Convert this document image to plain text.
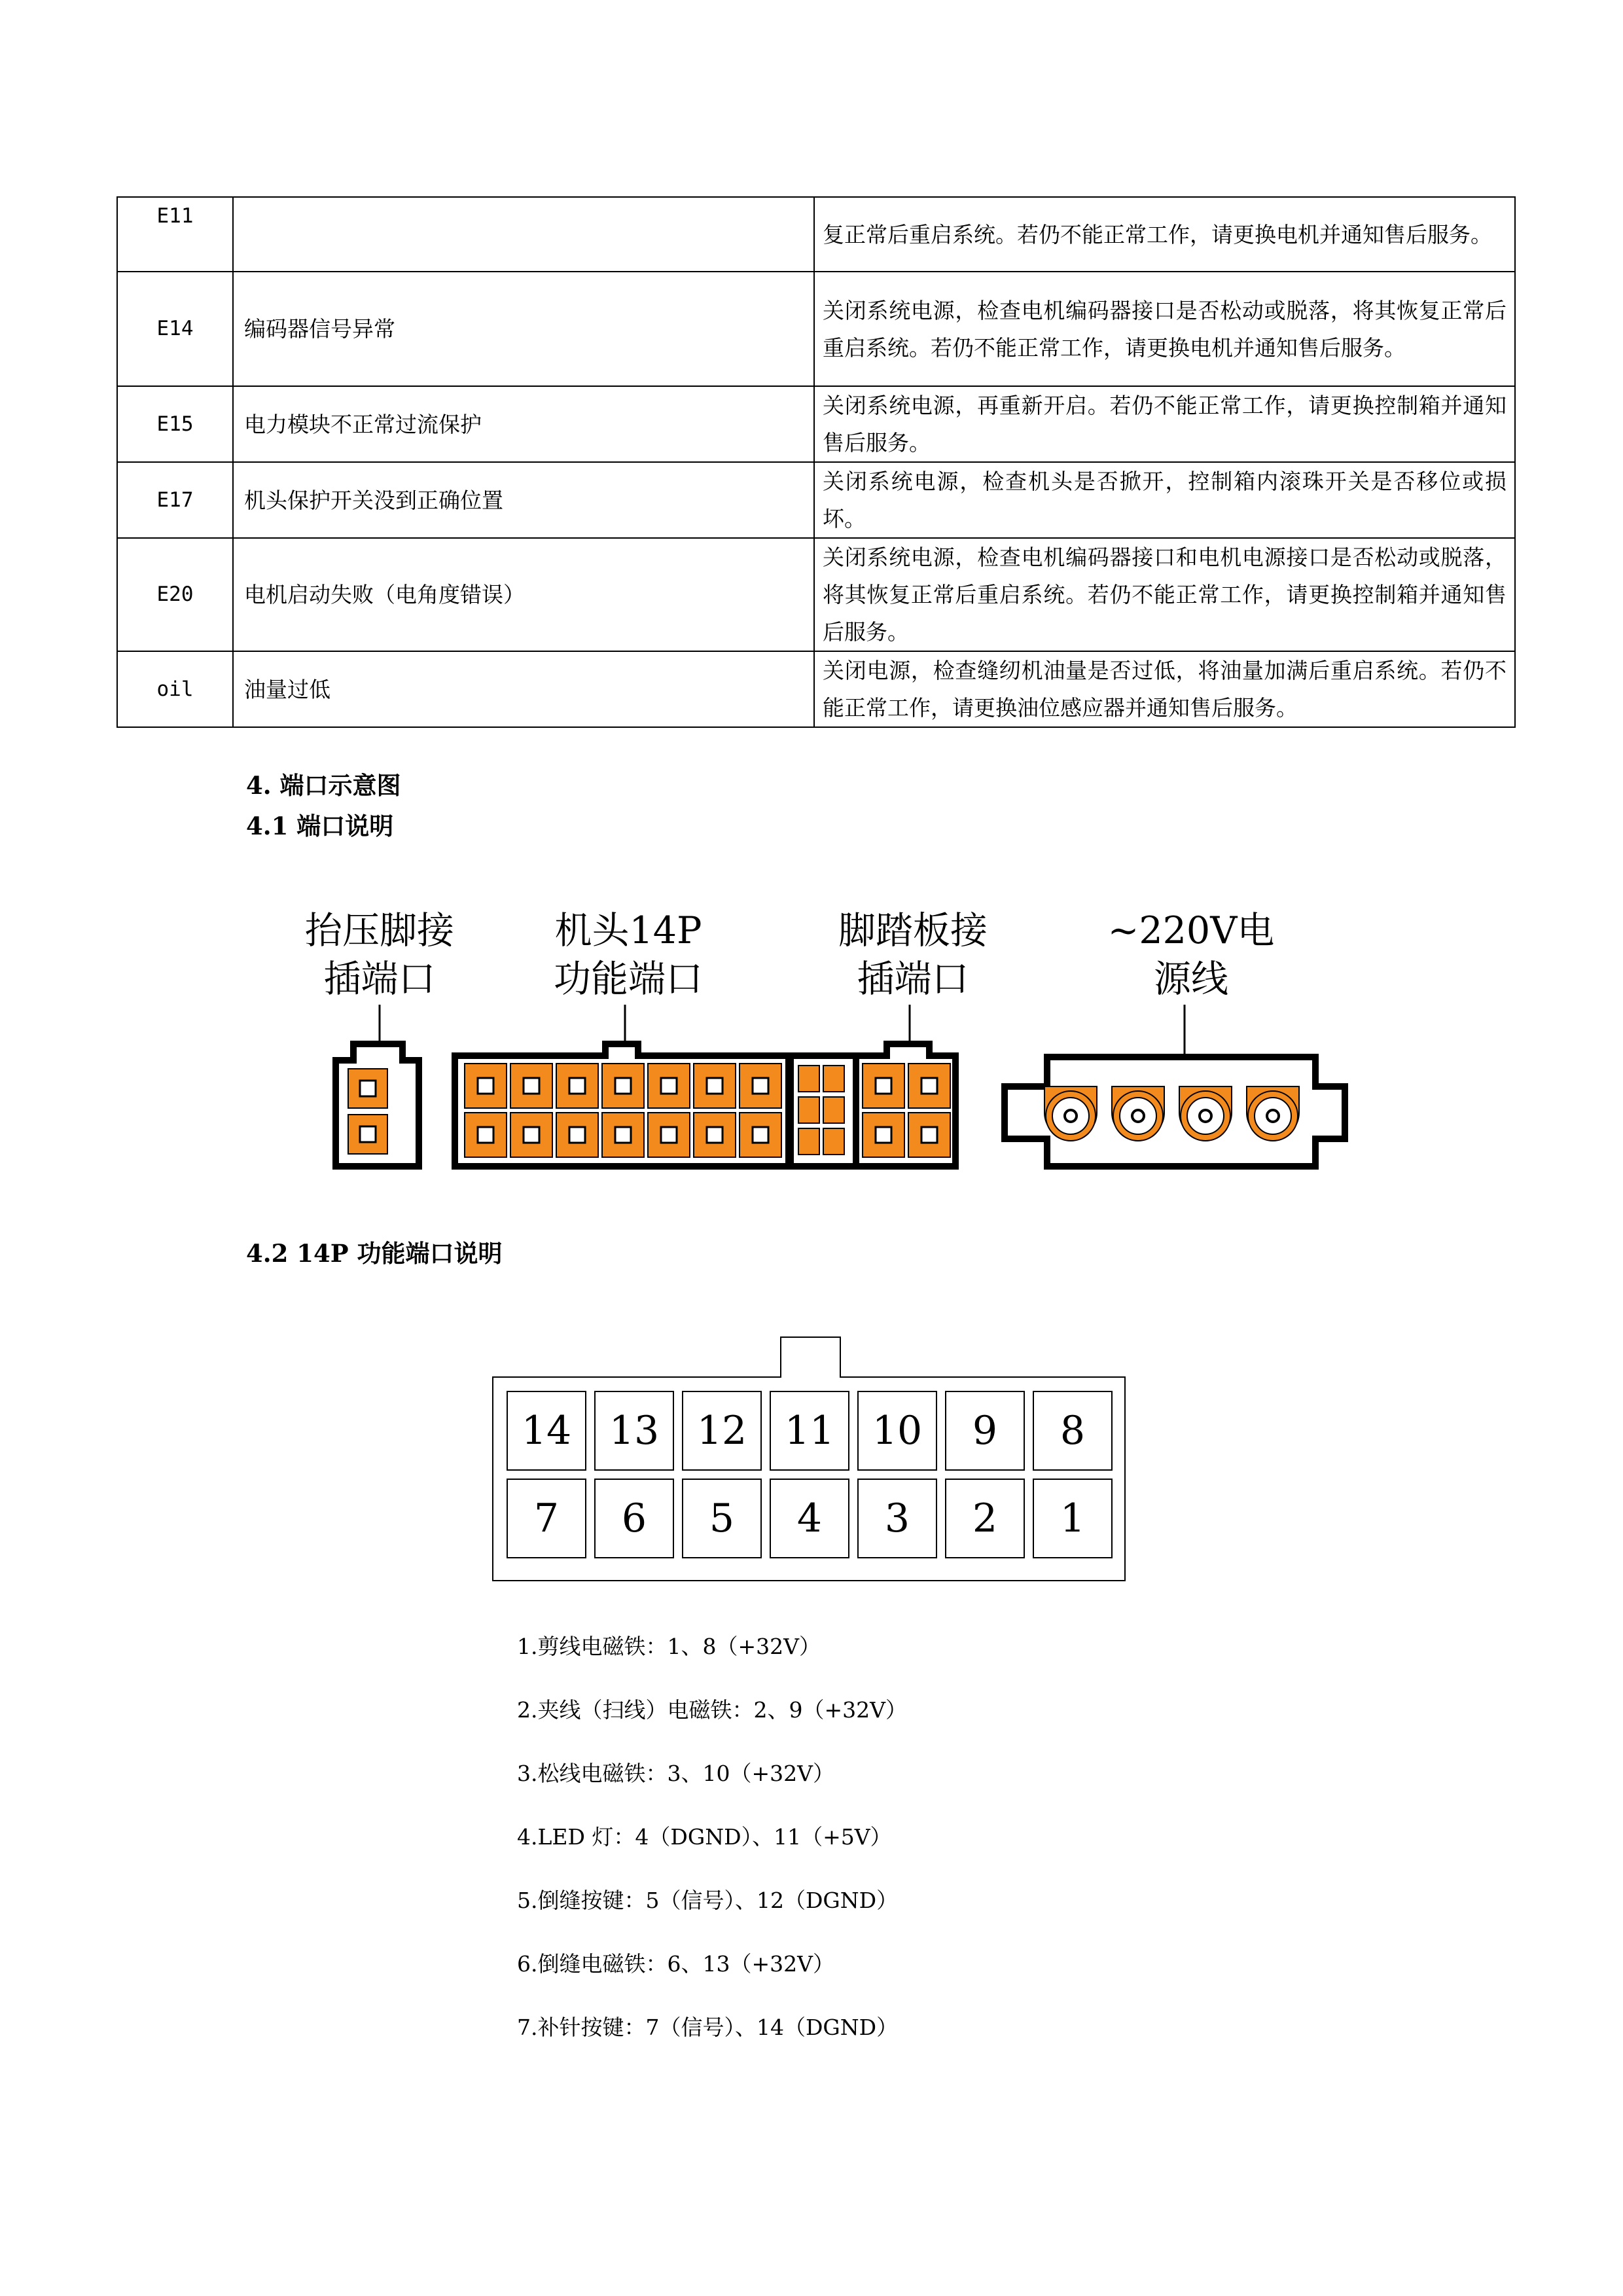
E11		复正常后重启系统。若仍不能正常工作，请更换电机并通知售后服务。
E14	编码器信号异常	关闭系统电源，检查电机编码器接口是否松动或脱落，将其恢复正常后重启系统。若仍不能正常工作，请更换电机并通知售后服务。
E15	电力模块不正常过流保护	关闭系统电源，再重新开启。若仍不能正常工作，请更换控制箱并通知售后服务。
E17	机头保护开关没到正确位置	关闭系统电源，检查机头是否掀开，控制箱内滚珠开关是否移位或损坏。
E20	电机启动失败（电角度错误）	关闭系统电源，检查电机编码器接口和电机电源接口是否松动或脱落，将其恢复正常后重启系统。若仍不能正常工作，请更换控制箱并通知售后服务。
oil	油量过低	关闭电源，检查缝纫机油量是否过低，将油量加满后重启系统。若仍不能正常工作，请更换油位感应器并通知售后服务。
4. 端口示意图
4.1 端口说明
抬压脚接
插端口
机头14P
功能端口
脚踏板接
插端口
~220V电
源线
4.2 14P 功能端口说明
14 13 12 11 10	9	8
7	6	5	4	3	2	1
1.剪线电磁铁：1、8（+32V）
2.夹线（扫线）电磁铁：2、9（+32V）
3.松线电磁铁：3、10（+32V）
4.LED 灯：4（DGND）、11（+5V）
5.倒缝按键：5（信号）、12（DGND）
6.倒缝电磁铁：6、13（+32V）
7.补针按键：7（信号）、14（DGND）
